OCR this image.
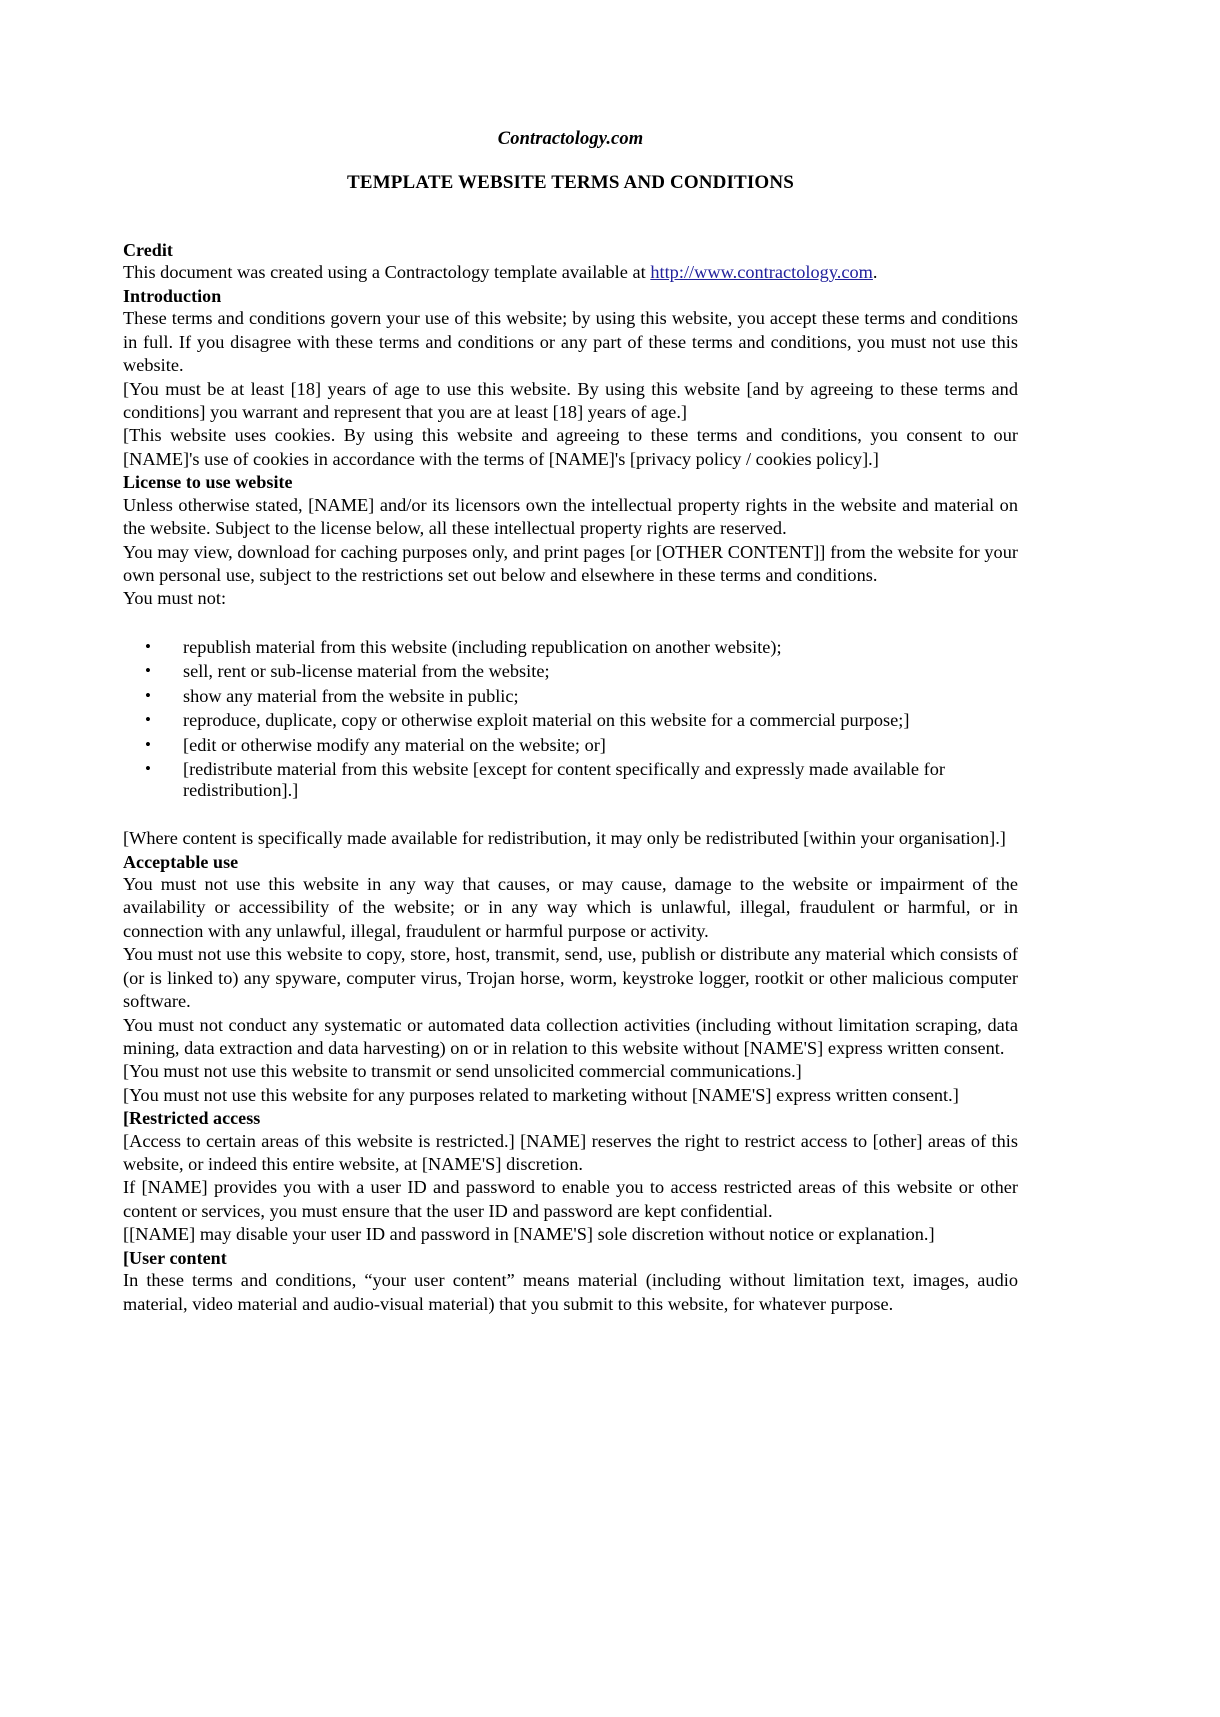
Contractology.com
TEMPLATE WEBSITE TERMS AND CONDITIONS
Credit

This document was created using a Contractology template available at http://www.contractology.com.

Introduction

These terms and conditions govern your use of this website; by using this website, you accept these terms and conditions in full. If you disagree with these terms and conditions or any part of these terms and conditions, you must not use this website.

[You must be at least [18] years of age to use this website. By using this website [and by agreeing to these terms and conditions] you warrant and represent that you are at least [18] years of age.]

[This website uses cookies. By using this website and agreeing to these terms and conditions, you consent to our [NAME]'s use of cookies in accordance with the terms of [NAME]'s [privacy policy / cookies policy].]

License to use website

Unless otherwise stated, [NAME] and/or its licensors own the intellectual property rights in the website and material on the website. Subject to the license below, all these intellectual property rights are reserved.

You may view, download for caching purposes only, and print pages [or [OTHER CONTENT]] from the website for your own personal use, subject to the restrictions set out below and elsewhere in these terms and conditions.

You must not:

• republish material from this website (including republication on another website);
• sell, rent or sub-license material from the website;
• show any material from the website in public;
• reproduce, duplicate, copy or otherwise exploit material on this website for a commercial purpose;]
• [edit or otherwise modify any material on the website; or]
• [redistribute material from this website [except for content specifically and expressly made available for redistribution].]

[Where content is specifically made available for redistribution, it may only be redistributed [within your organisation].]

Acceptable use

You must not use this website in any way that causes, or may cause, damage to the website or impairment of the availability or accessibility of the website; or in any way which is unlawful, illegal, fraudulent or harmful, or in connection with any unlawful, illegal, fraudulent or harmful purpose or activity.

You must not use this website to copy, store, host, transmit, send, use, publish or distribute any material which consists of (or is linked to) any spyware, computer virus, Trojan horse, worm, keystroke logger, rootkit or other malicious computer software.

You must not conduct any systematic or automated data collection activities (including without limitation scraping, data mining, data extraction and data harvesting) on or in relation to this website without [NAME'S] express written consent.

[You must not use this website to transmit or send unsolicited commercial communications.]

[You must not use this website for any purposes related to marketing without [NAME'S] express written consent.]

[Restricted access

[Access to certain areas of this website is restricted.] [NAME] reserves the right to restrict access to [other] areas of this website, or indeed this entire website, at [NAME'S] discretion.

If [NAME] provides you with a user ID and password to enable you to access restricted areas of this website or other content or services, you must ensure that the user ID and password are kept confidential.

[[NAME] may disable your user ID and password in [NAME'S] sole discretion without notice or explanation.]

[User content

In these terms and conditions, “your user content” means material (including without limitation text, images, audio material, video material and audio-visual material) that you submit to this website, for whatever purpose.
